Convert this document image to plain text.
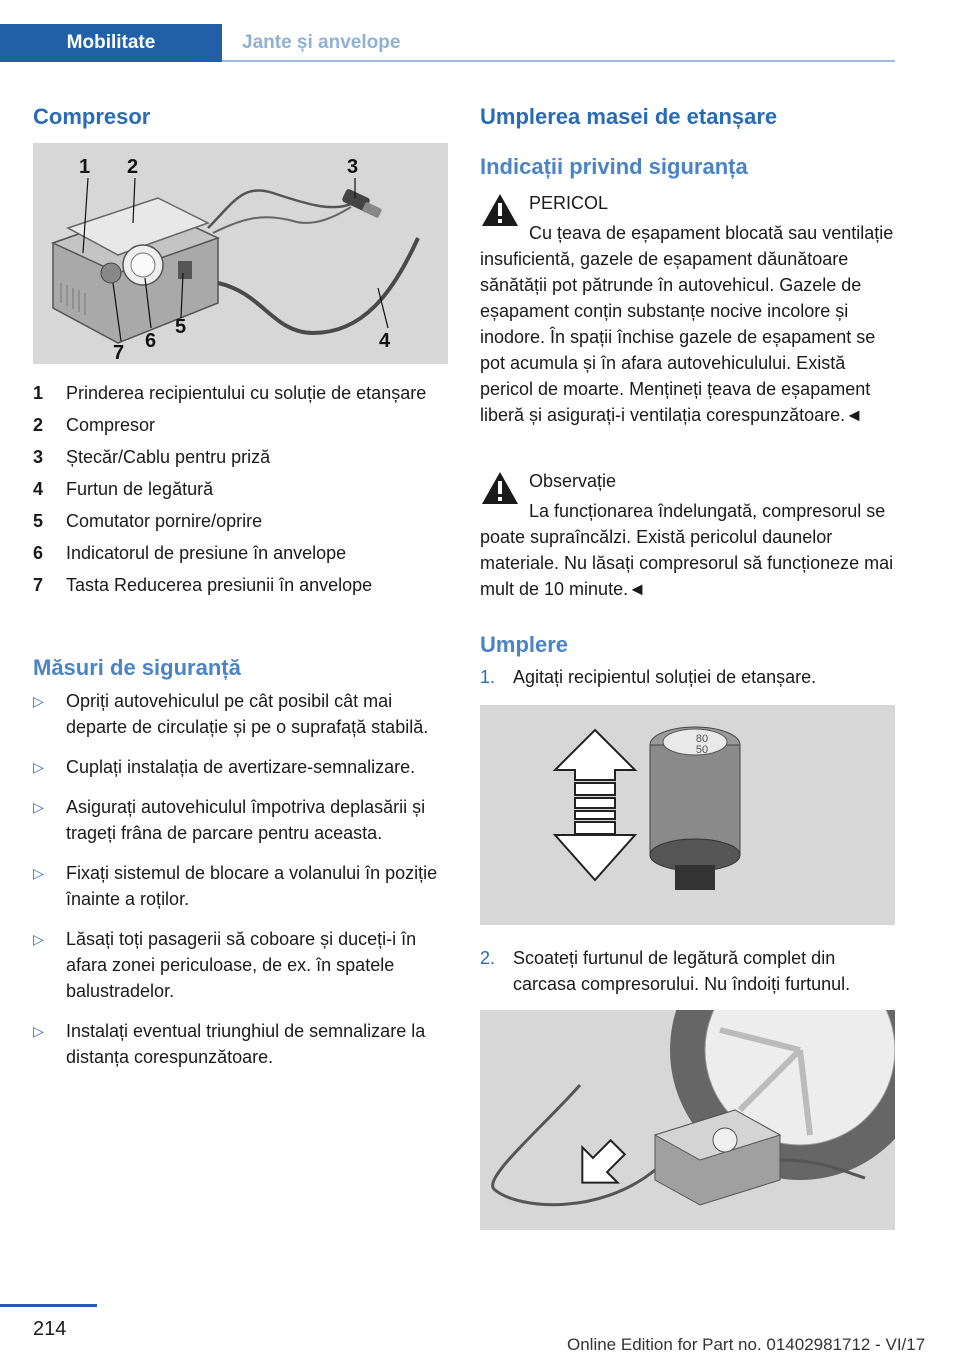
Mobilitate	Jante și anvelope
Compresor
1 2	3
4
5
6
7
1 Prinderea recipientului cu soluție de etanșare
2 Compresor
3 Ștecăr/Cablu pentru priză
4 Furtun de legătură
5 Comutator pornire/oprire
6 Indicatorul de presiune în anvelope
7 Tasta Reducerea presiunii în anvelope
Măsuri de siguranță
▷ Opriți autovehiculul pe cât posibil cât mai departe de circulație și pe o suprafață stabilă.
▷ Cuplați instalația de avertizare-semnalizare.
▷ Asigurați autovehiculul împotriva deplasării și trageți frâna de parcare pentru aceasta.
▷ Fixați sistemul de blocare a volanului în poziție înainte a roților.
▷ Lăsați toți pasagerii să coboare și duceți-i în afara zonei periculoase, de ex. în spatele balustradelor.
▷ Instalați eventual triunghiul de semnalizare la distanța corespunzătoare.
Umplerea masei de etanșare
Indicații privind siguranța
PERICOL

Cu țeava de eșapament blocată sau ventilație insuficientă, gazele de eșapament dăunătoare sănătății pot pătrunde în autovehicul. Gazele de eșapament conțin substanțe nocive incolore și inodore. În spații închise gazele de eșapament se pot acumula și în afara autovehiculului. Există pericol de moarte. Mențineți țeava de eșapament liberă și asigurați-i ventilația corespunzătoare.◄

Observație

La funcționarea îndelungată, compresorul se poate supraîncălzi. Există pericolul daunelor materiale. Nu lăsați compresorul să funcționeze mai mult de 10 minute.◄

Umplere
1. Agitați recipientul soluției de etanșare.
80
50
2. Scoateți furtunul de legătură complet din carcasa compresorului. Nu îndoiți furtunul.
214
Online Edition for Part no. 01402981712 - VI/17
